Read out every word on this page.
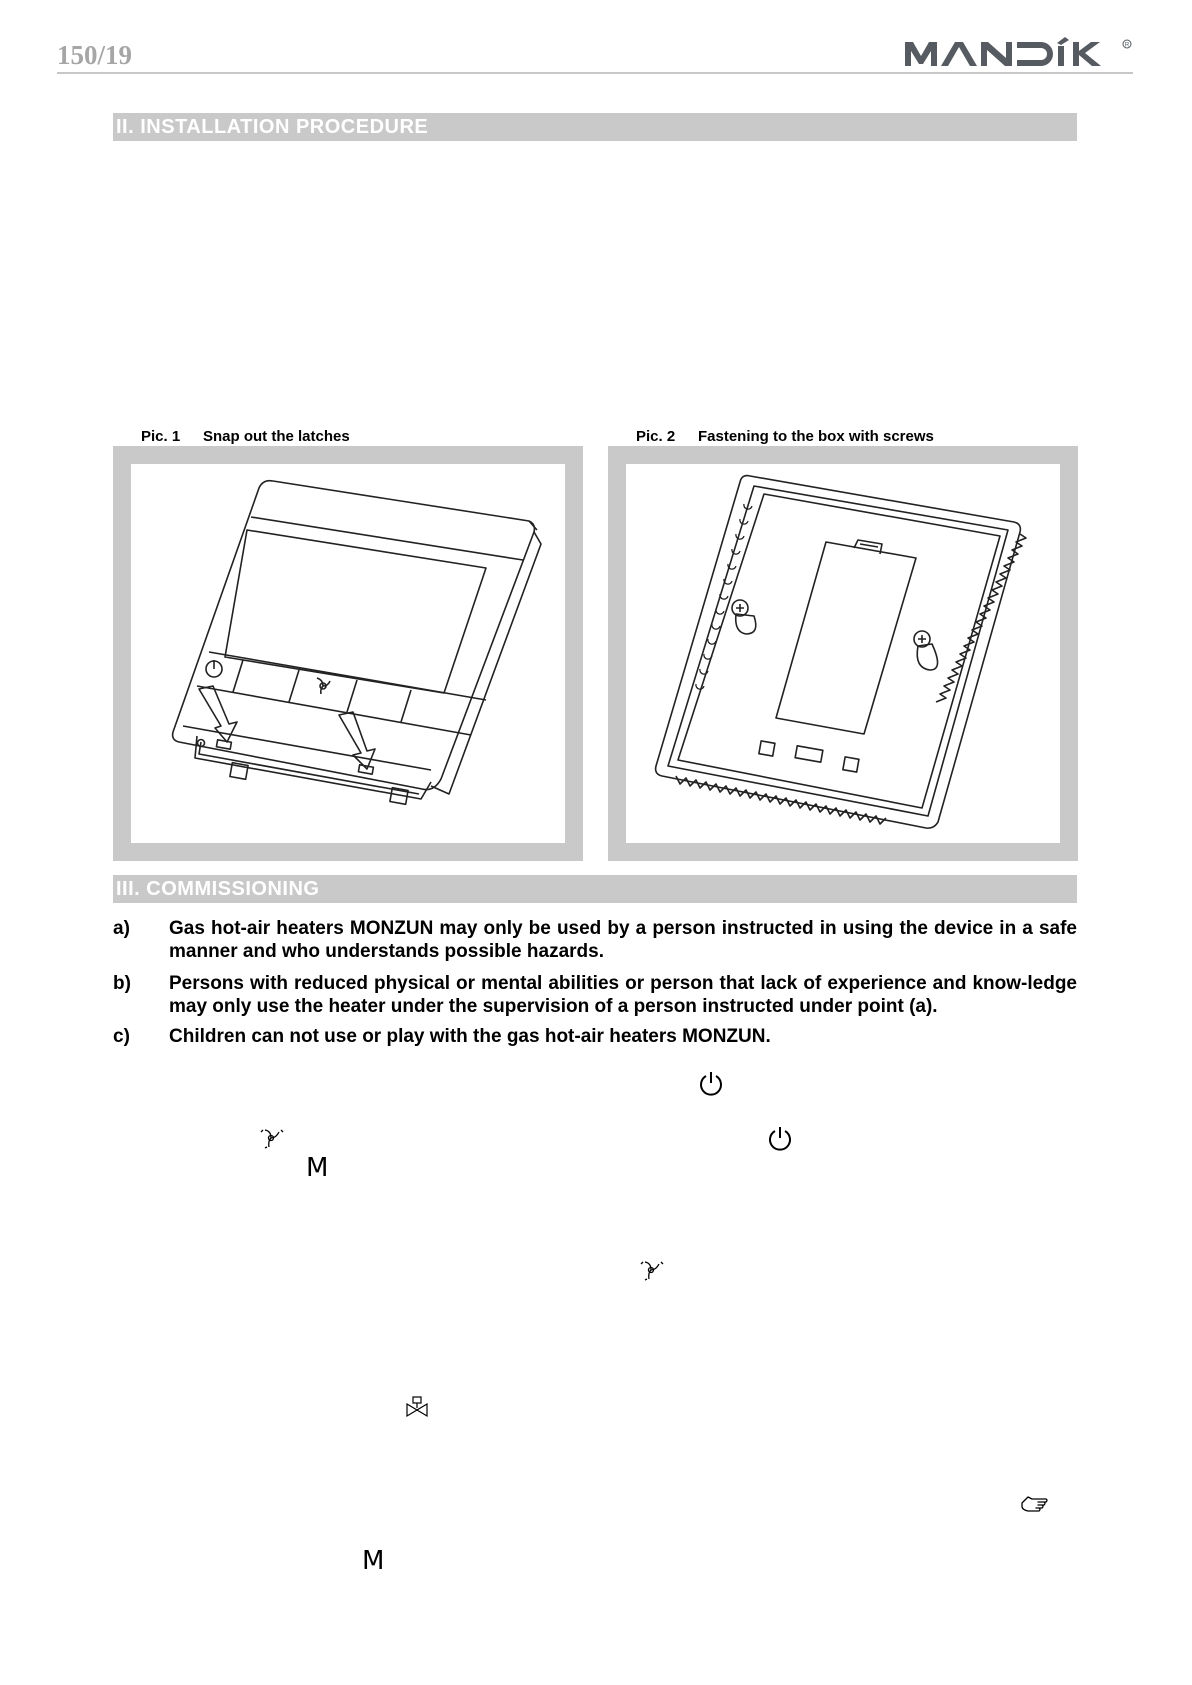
150/19	R
II. INSTALLATION PROCEDURE
Pic. 1 Snap out the latches	Pic. 2 Fastening to the box with screws
III. COMMISSIONING
a) Gas hot-air heaters MONZUN may only be used by a person instructed in using the device in a safe manner and who understands possible hazards.
b) Persons with reduced physical or mental abilities or person that lack of experience and know-ledge may only use the heater under the supervision of a person instructed under point (a).
c) Children can not use or play with the gas hot-air heaters MONZUN.
M
M
